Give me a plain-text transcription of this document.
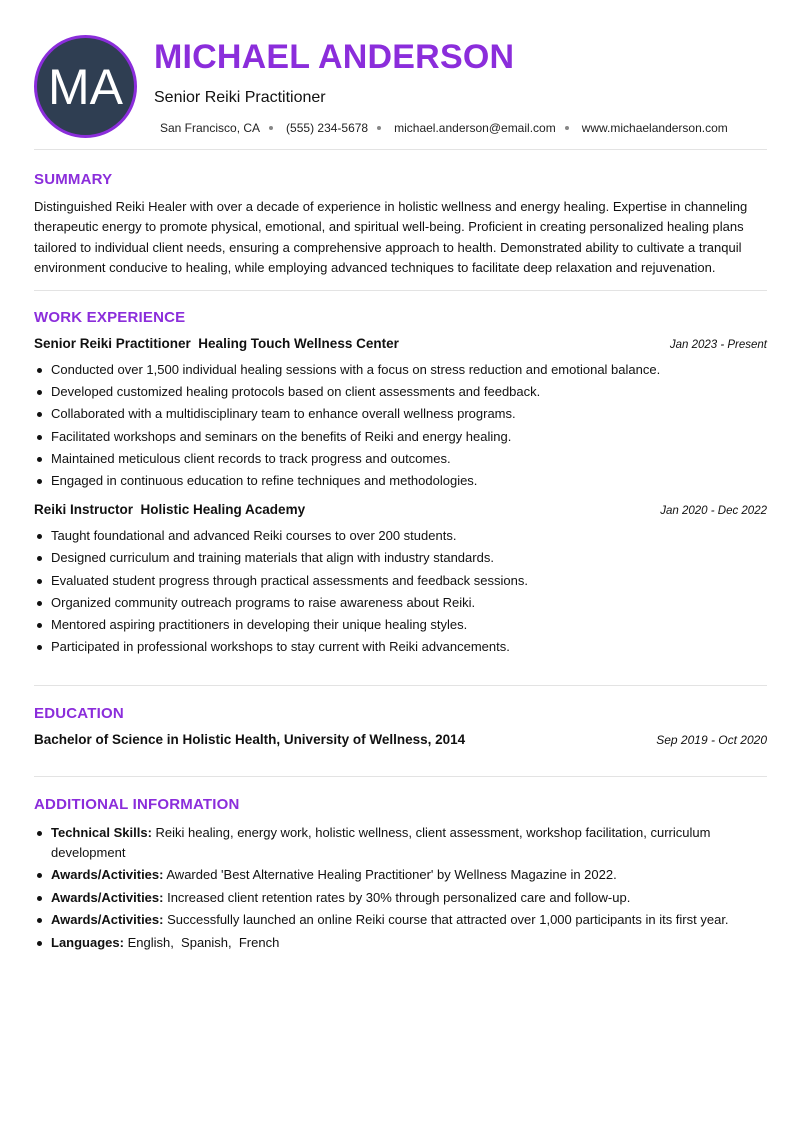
MA
MICHAEL ANDERSON
Senior Reiki Practitioner
San Francisco, CA (555) 234-5678 michael.anderson@email.com www.michaelanderson.com
SUMMARY

Distinguished Reiki Healer with over a decade of experience in holistic wellness and energy healing. Expertise in channeling therapeutic energy to promote physical, emotional, and spiritual well-being. Proficient in creating personalized healing plans tailored to individual client needs, ensuring a comprehensive approach to health. Demonstrated ability to cultivate a tranquil environment conducive to healing, while employing advanced techniques to facilitate deep relaxation and rejuvenation.

WORK EXPERIENCE
Senior Reiki Practitioner  Healing Touch Wellness Center	Jan 2023 - Present
Conducted over 1,500 individual healing sessions with a focus on stress reduction and emotional balance.
Developed customized healing protocols based on client assessments and feedback.
Collaborated with a multidisciplinary team to enhance overall wellness programs.
Facilitated workshops and seminars on the benefits of Reiki and energy healing.
Maintained meticulous client records to track progress and outcomes.
Engaged in continuous education to refine techniques and methodologies.
Reiki Instructor  Holistic Healing Academy	Jan 2020 - Dec 2022
Taught foundational and advanced Reiki courses to over 200 students.
Designed curriculum and training materials that align with industry standards.
Evaluated student progress through practical assessments and feedback sessions.
Organized community outreach programs to raise awareness about Reiki.
Mentored aspiring practitioners in developing their unique healing styles.
Participated in professional workshops to stay current with Reiki advancements.
EDUCATION
Bachelor of Science in Holistic Health, University of Wellness, 2014	Sep 2019 - Oct 2020
ADDITIONAL INFORMATION
Technical Skills: Reiki healing, energy work, holistic wellness, client assessment, workshop facilitation, curriculum development
Awards/Activities: Awarded 'Best Alternative Healing Practitioner' by Wellness Magazine in 2022.
Awards/Activities: Increased client retention rates by 30% through personalized care and follow-up.
Awards/Activities: Successfully launched an online Reiki course that attracted over 1,000 participants in its first year.
Languages: English,  Spanish,  French
